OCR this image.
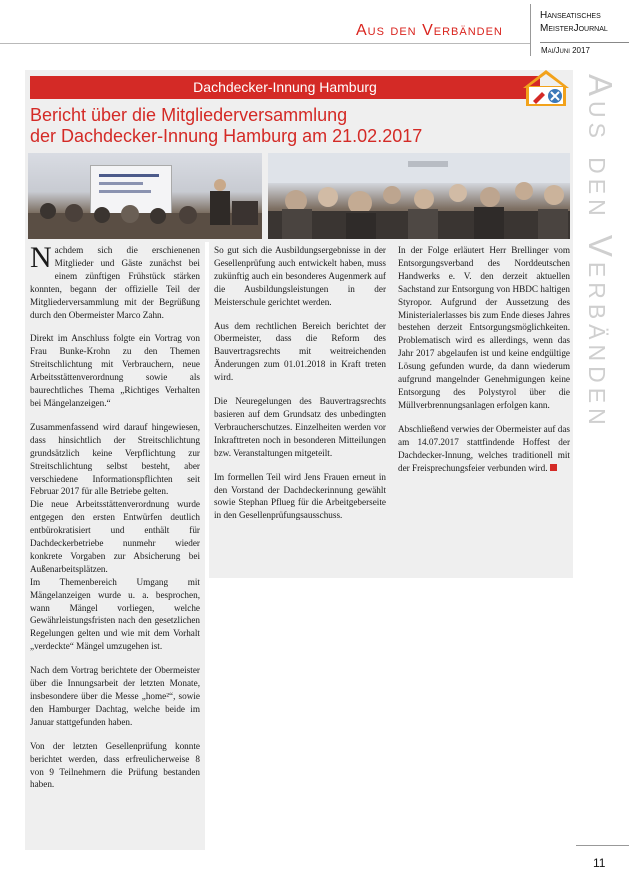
Aus den Verbänden
Hanseatisches
MeisterJournal
Mai/Juni 2017
Dachdecker-Innung Hamburg
Bericht über die Mitgliederversammlung
der Dachdecker-Innung Hamburg am 21.02.2017

Nachdem sich die erschienenen Mitglieder und Gäste zunächst bei einem zünftigen Frühstück stärken konnten, begann der offizielle Teil der Mitgliederversammlung mit der Begrüßung durch den Obermeister Marco Zahn.

Direkt im Anschluss folgte ein Vortrag von Frau Bunke-Krohn zu den Themen Streitschlichtung mit Verbrauchern, neue Arbeitsstättenverordnung sowie als baurechtliches Thema „Richtiges Verhalten bei Mängelanzeigen.“

Zusammenfassend wird darauf hingewiesen, dass hinsichtlich der Streitschlichtung grundsätzlich keine Verpflichtung zur Streitschlichtung selbst besteht, aber verschiedene Informationspflichten seit Februar 2017 für alle Betriebe gelten.

Die neue Arbeitsstättenverordnung wurde entgegen den ersten Entwürfen deutlich entbürokratisiert und enthält für Dachdeckerbetriebe nunmehr wieder konkrete Vorgaben zur Absicherung bei Außenarbeitsplätzen.

Im Themenbereich Umgang mit Mängelanzeigen wurde u. a. besprochen, wann Mängel vorliegen, welche Gewährleistungsfristen nach den gesetzlichen Regelungen gelten und wie mit dem Vorhalt „verdeckte“ Mängel umzugehen ist.

Nach dem Vortrag berichtete der Obermeister über die Innungsarbeit der letzten Monate, insbesondere über die Messe „home²“, sowie den Hamburger Dachtag, welche beide im Januar stattgefunden haben.

Von der letzten Gesellenprüfung konnte berichtet werden, dass erfreulicherweise 8 von 9 Teilnehmern die Prüfung bestanden haben.

So gut sich die Ausbildungsergebnisse in der Gesellenprüfung auch entwickelt haben, muss zukünftig auch ein besonderes Augenmerk auf die Ausbildungsleistungen in der Meisterschule gerichtet werden.

Aus dem rechtlichen Bereich berichtet der Obermeister, dass die Reform des Bauvertragsrechts mit weitreichenden Änderungen zum 01.01.2018 in Kraft treten wird.

Die Neuregelungen des Bauvertragsrechts basieren auf dem Grundsatz des unbedingten Verbraucherschutzes. Einzelheiten werden vor Inkrafttreten noch in besonderen Mitteilungen bzw. Veranstaltungen mitgeteilt.

Im formellen Teil wird Jens Frauen erneut in den Vorstand der Dachdeckerinnung gewählt sowie Stephan Pflueg für die Arbeitgeberseite in den Gesellenprüfungsausschuss.

In der Folge erläutert Herr Brellinger vom Entsorgungsverband des Norddeutschen Handwerks e. V. den derzeit aktuellen Sachstand zur Entsorgung von HBDC haltigen Styropor. Aufgrund der Aussetzung des Ministerialerlasses bis zum Ende dieses Jahres bestehen derzeit Entsorgungsmöglichkeiten. Problematisch wird es allerdings, wenn das Jahr 2017 abgelaufen ist und keine endgültige Lösung gefunden wurde, da dann wiederum aufgrund mangelnder Genehmigungen keine Entsorgung des Polystyrol über die Müllverbrennungsanlagen erfolgen kann.

Abschließend verwies der Obermeister auf das am 14.07.2017 stattfindende Hoffest der Dachdecker-Innung, welches traditionell mit der Freisprechungsfeier verbunden wird.

Aus den Verbänden
11
